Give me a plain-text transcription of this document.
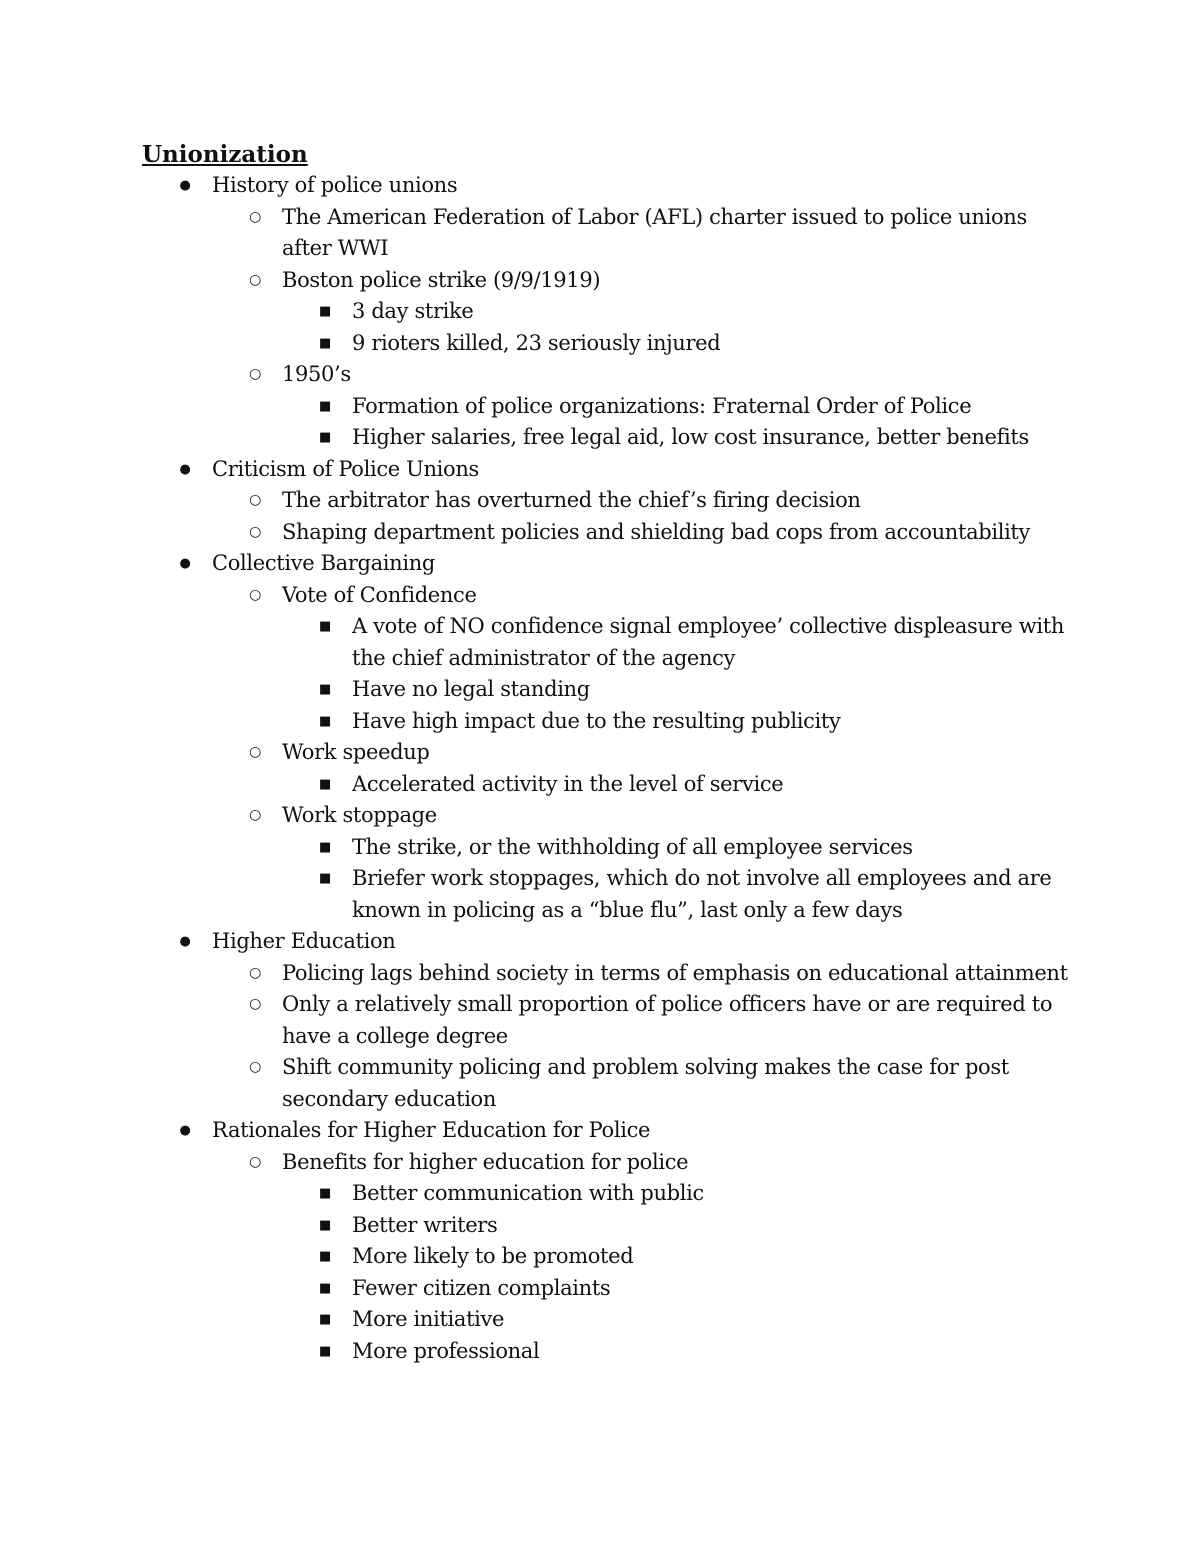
Unionization
●	History of police unions
○	The American Federation of Labor (AFL) charter issued to police unions after WWI
○	Boston police strike (9/9/1919)
■	3 day strike
■	9 rioters killed, 23 seriously injured
○	1950’s
■	Formation of police organizations: Fraternal Order of Police
■	Higher salaries, free legal aid, low cost insurance, better benefits
●	Criticism of Police Unions
○	The arbitrator has overturned the chief’s firing decision
○	Shaping department policies and shielding bad cops from accountability
●	Collective Bargaining
○	Vote of Confidence
■	A vote of NO confidence signal employee’ collective displeasure with the chief administrator of the agency
■	Have no legal standing
■	Have high impact due to the resulting publicity
○	Work speedup
■	Accelerated activity in the level of service
○	Work stoppage
■	The strike, or the withholding of all employee services
■	Briefer work stoppages, which do not involve all employees and are known in policing as a “blue flu”, last only a few days
●	Higher Education
○	Policing lags behind society in terms of emphasis on educational attainment
○	Only a relatively small proportion of police officers have or are required to have a college degree
○	Shift community policing and problem solving makes the case for post secondary education
●	Rationales for Higher Education for Police
○	Benefits for higher education for police
■	Better communication with public
■	Better writers
■	More likely to be promoted
■	Fewer citizen complaints
■	More initiative
■	More professional
